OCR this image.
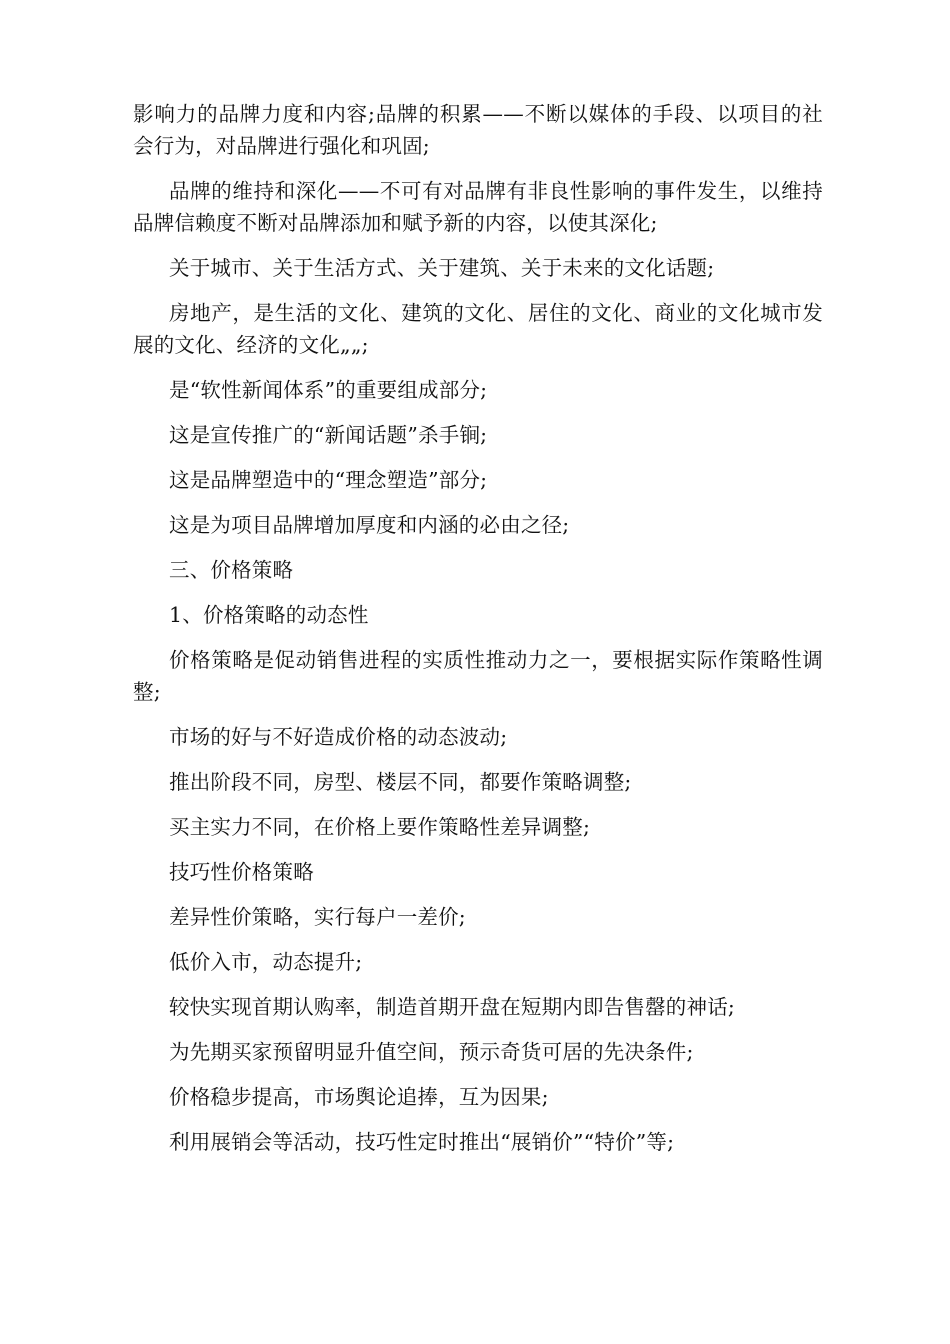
影响力的品牌力度和内容;品牌的积累——不断以媒体的手段、以项目的社会行为，对品牌进行强化和巩固;

品牌的维持和深化——不可有对品牌有非良性影响的事件发生，以维持品牌信赖度不断对品牌添加和赋予新的内容，以使其深化;

关于城市、关于生活方式、关于建筑、关于未来的文化话题;

房地产，是生活的文化、建筑的文化、居住的文化、商业的文化城市发展的文化、经济的文化„„;

是“软性新闻体系”的重要组成部分;

这是宣传推广的“新闻话题”杀手锏;

这是品牌塑造中的“理念塑造”部分;

这是为项目品牌增加厚度和内涵的必由之径;

三、价格策略

1、价格策略的动态性

价格策略是促动销售进程的实质性推动力之一，要根据实际作策略性调整;

市场的好与不好造成价格的动态波动;

推出阶段不同，房型、楼层不同，都要作策略调整;

买主实力不同，在价格上要作策略性差异调整;

技巧性价格策略

差异性价策略，实行每户一差价;

低价入市，动态提升;

较快实现首期认购率，制造首期开盘在短期内即告售罄的神话;

为先期买家预留明显升值空间，预示奇货可居的先决条件;

价格稳步提高，市场舆论追捧，互为因果;

利用展销会等活动，技巧性定时推出“展销价”“特价”等;
